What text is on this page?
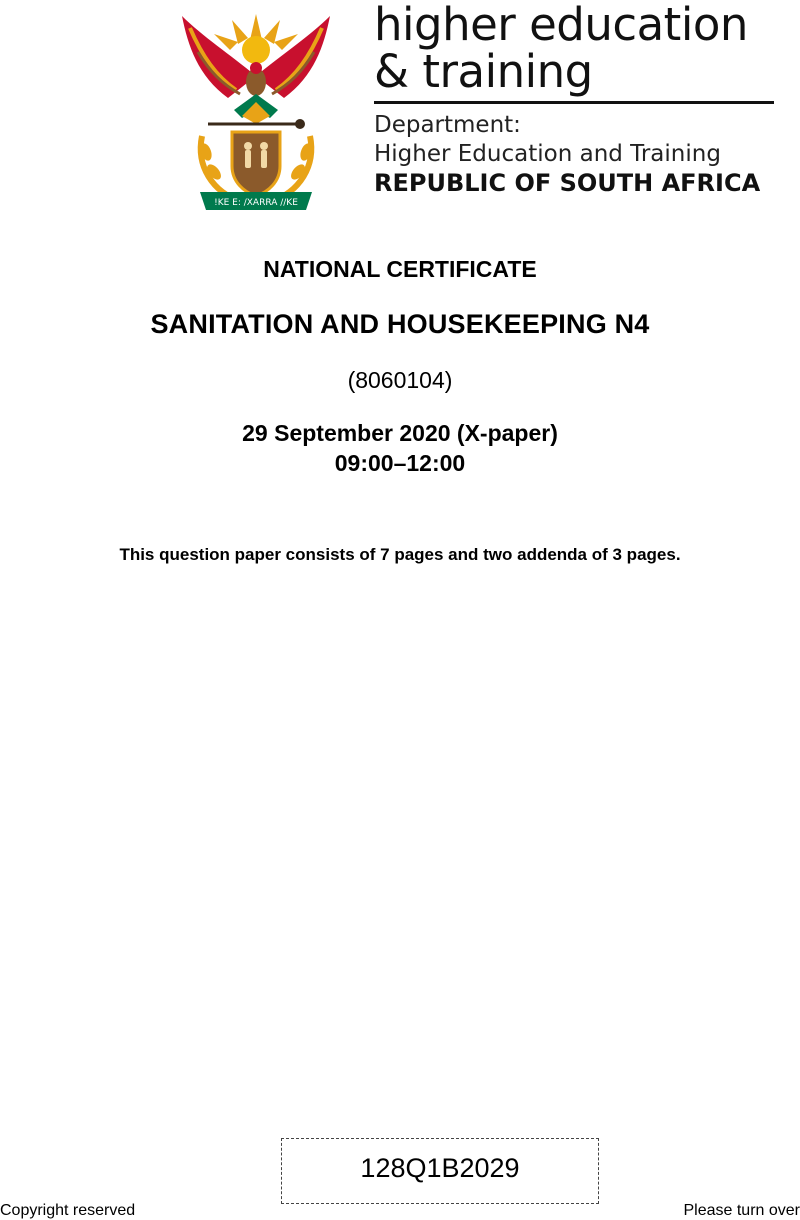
!KE E: /XARRA //KE
higher education
& training
Department:
Higher Education and Training
REPUBLIC OF SOUTH AFRICA
NATIONAL CERTIFICATE
SANITATION AND HOUSEKEEPING N4
(8060104)
29 September 2020 (X-paper)
09:00–12:00
This question paper consists of 7 pages and two addenda of 3 pages.
128Q1B2029
Copyright reserved	Please turn over
